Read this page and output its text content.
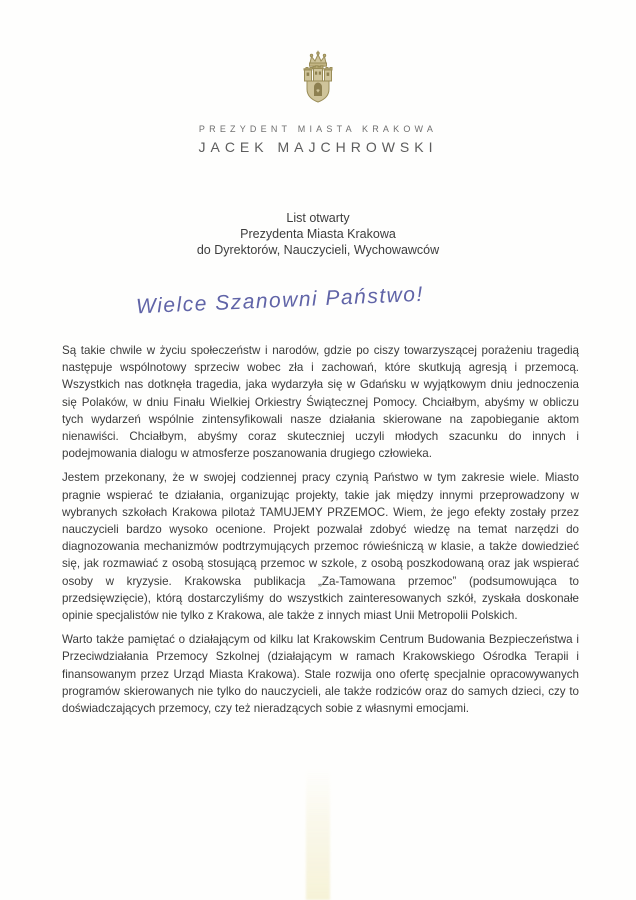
PREZYDENT MIASTA KRAKOWA
JACEK MAJCHROWSKI
List otwarty
Prezydenta Miasta Krakowa
do Dyrektorów, Nauczycieli, Wychowawców
Wielce Szanowni Państwo!

Są takie chwile w życiu społeczeństw i narodów, gdzie po ciszy towarzyszącej porażeniu tragedią następuje wspólnotowy sprzeciw wobec zła i zachowań, które skutkują agresją i przemocą. Wszystkich nas dotknęła tragedia, jaka wydarzyła się w Gdańsku w wyjątkowym dniu jednoczenia się Polaków, w dniu Finału Wielkiej Orkiestry Świątecznej Pomocy. Chciałbym, abyśmy w obliczu tych wydarzeń wspólnie zintensyfikowali nasze działania skierowane na zapobieganie aktom nienawiści. Chciałbym, abyśmy coraz skuteczniej uczyli młodych szacunku do innych i podejmowania dialogu w atmosferze poszanowania drugiego człowieka.

Jestem przekonany, że w swojej codziennej pracy czynią Państwo w tym zakresie wiele. Miasto pragnie wspierać te działania, organizując projekty, takie jak między innymi przeprowadzony w wybranych szkołach Krakowa pilotaż TAMUJEMY PRZEMOC. Wiem, że jego efekty zostały przez nauczycieli bardzo wysoko ocenione. Projekt pozwalał zdobyć wiedzę na temat narzędzi do diagnozowania mechanizmów podtrzymujących przemoc rówieśniczą w klasie, a także dowiedzieć się, jak rozmawiać z osobą stosującą przemoc w szkole, z osobą poszkodowaną oraz jak wspierać osoby w kryzysie. Krakowska publikacja „Za-Tamowana przemoc” (podsumowująca to przedsięwzięcie), którą dostarczyliśmy do wszystkich zainteresowanych szkół, zyskała doskonałe opinie specjalistów nie tylko z Krakowa, ale także z innych miast Unii Metropolii Polskich.

Warto także pamiętać o działającym od kilku lat Krakowskim Centrum Budowania Bezpieczeństwa i Przeciwdziałania Przemocy Szkolnej (działającym w ramach Krakowskiego Ośrodka Terapii i finansowanym przez Urząd Miasta Krakowa). Stale rozwija ono ofertę specjalnie opracowywanych programów skierowanych nie tylko do nauczycieli, ale także rodziców oraz do samych dzieci, czy to doświadczających przemocy, czy też nieradzących sobie z własnymi emocjami.
